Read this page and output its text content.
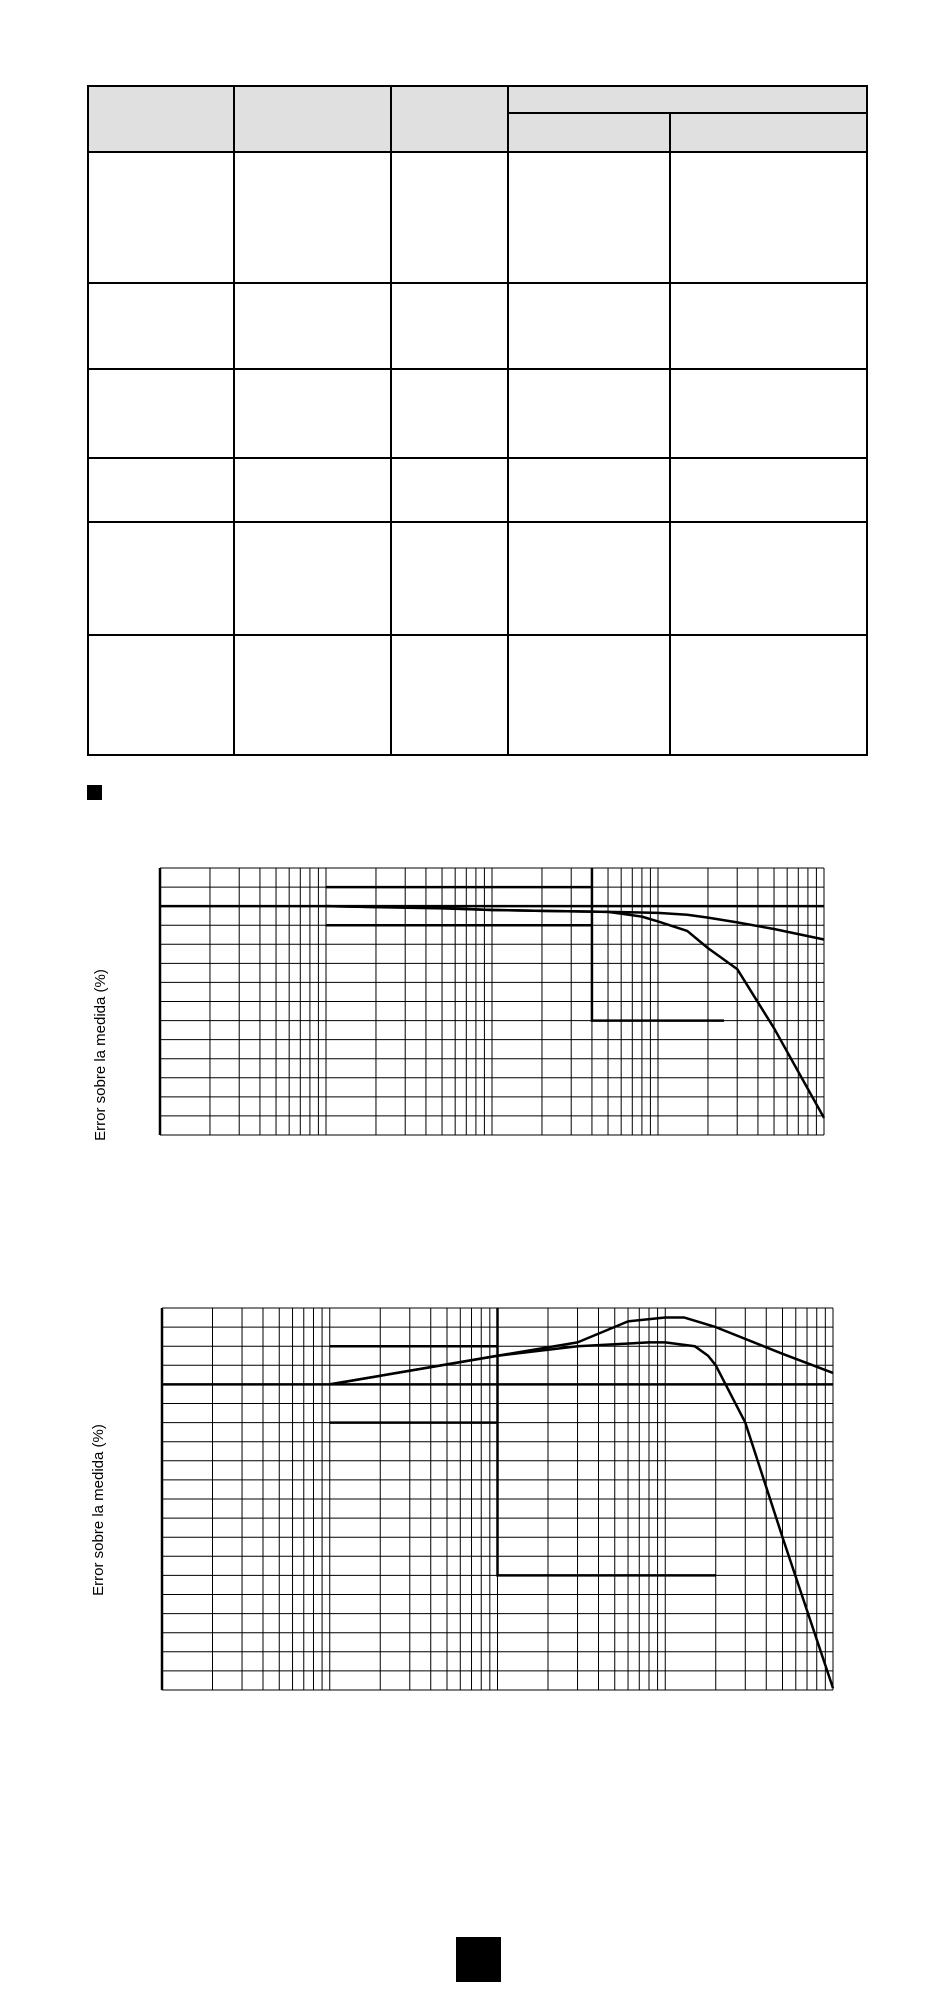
Error sobre la medida (%)
Error sobre la medida (%)
